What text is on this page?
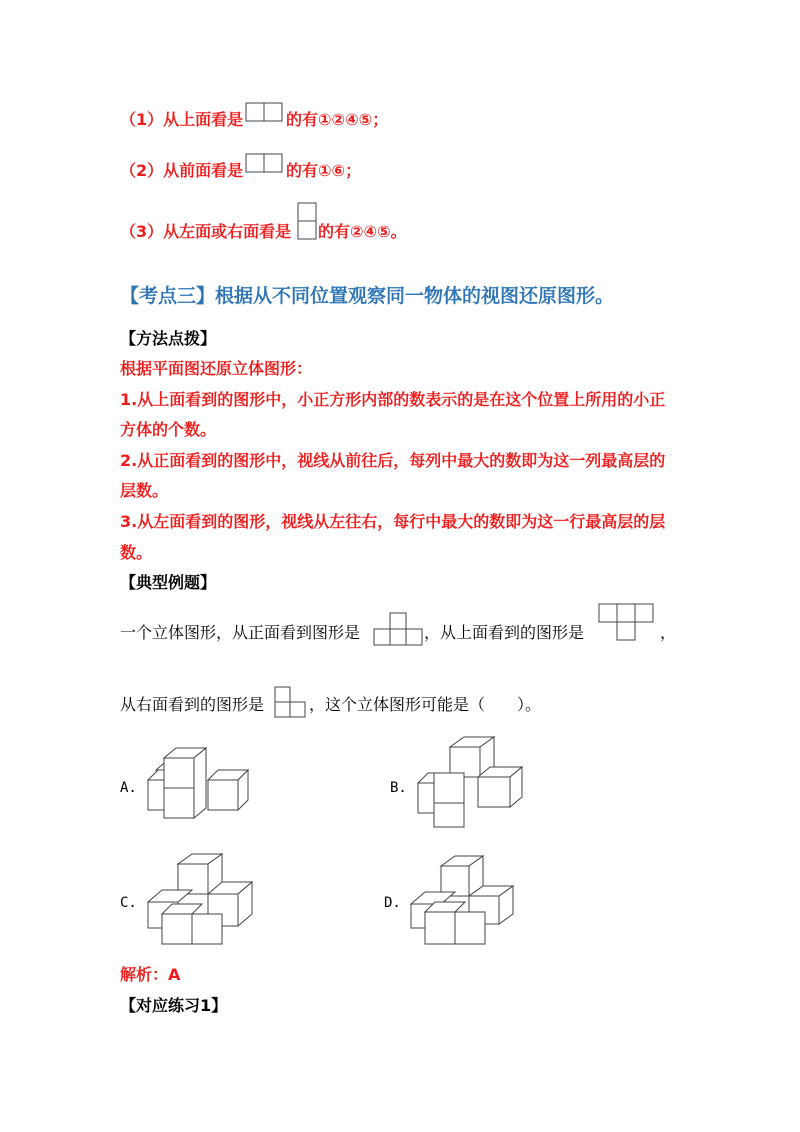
（1）从上面看是	的有①②④⑤；
（2）从前面看是	的有①⑥；
（3）从左面或右面看是 的有②④⑤。
【考点三】根据从不同位置观察同一物体的视图还原图形。
【方法点拨】
根据平面图还原立体图形：
1.从上面看到的图形中，小正方形内部的数表示的是在这个位置上所用的小正
方体的个数。
2.从正面看到的图形中，视线从前往后，每列中最大的数即为这一列最高层的
层数。
3.从左面看到的图形，视线从左往右，每行中最大的数即为这一行最高层的层
数。
【典型例题】
一个立体图形，从正面看到图形是	，从上面看到的图形是	，
从右面看到的图形是	，这个立体图形可能是（　　）。
A.	B.
C.	D.
解析：A
【对应练习1】
